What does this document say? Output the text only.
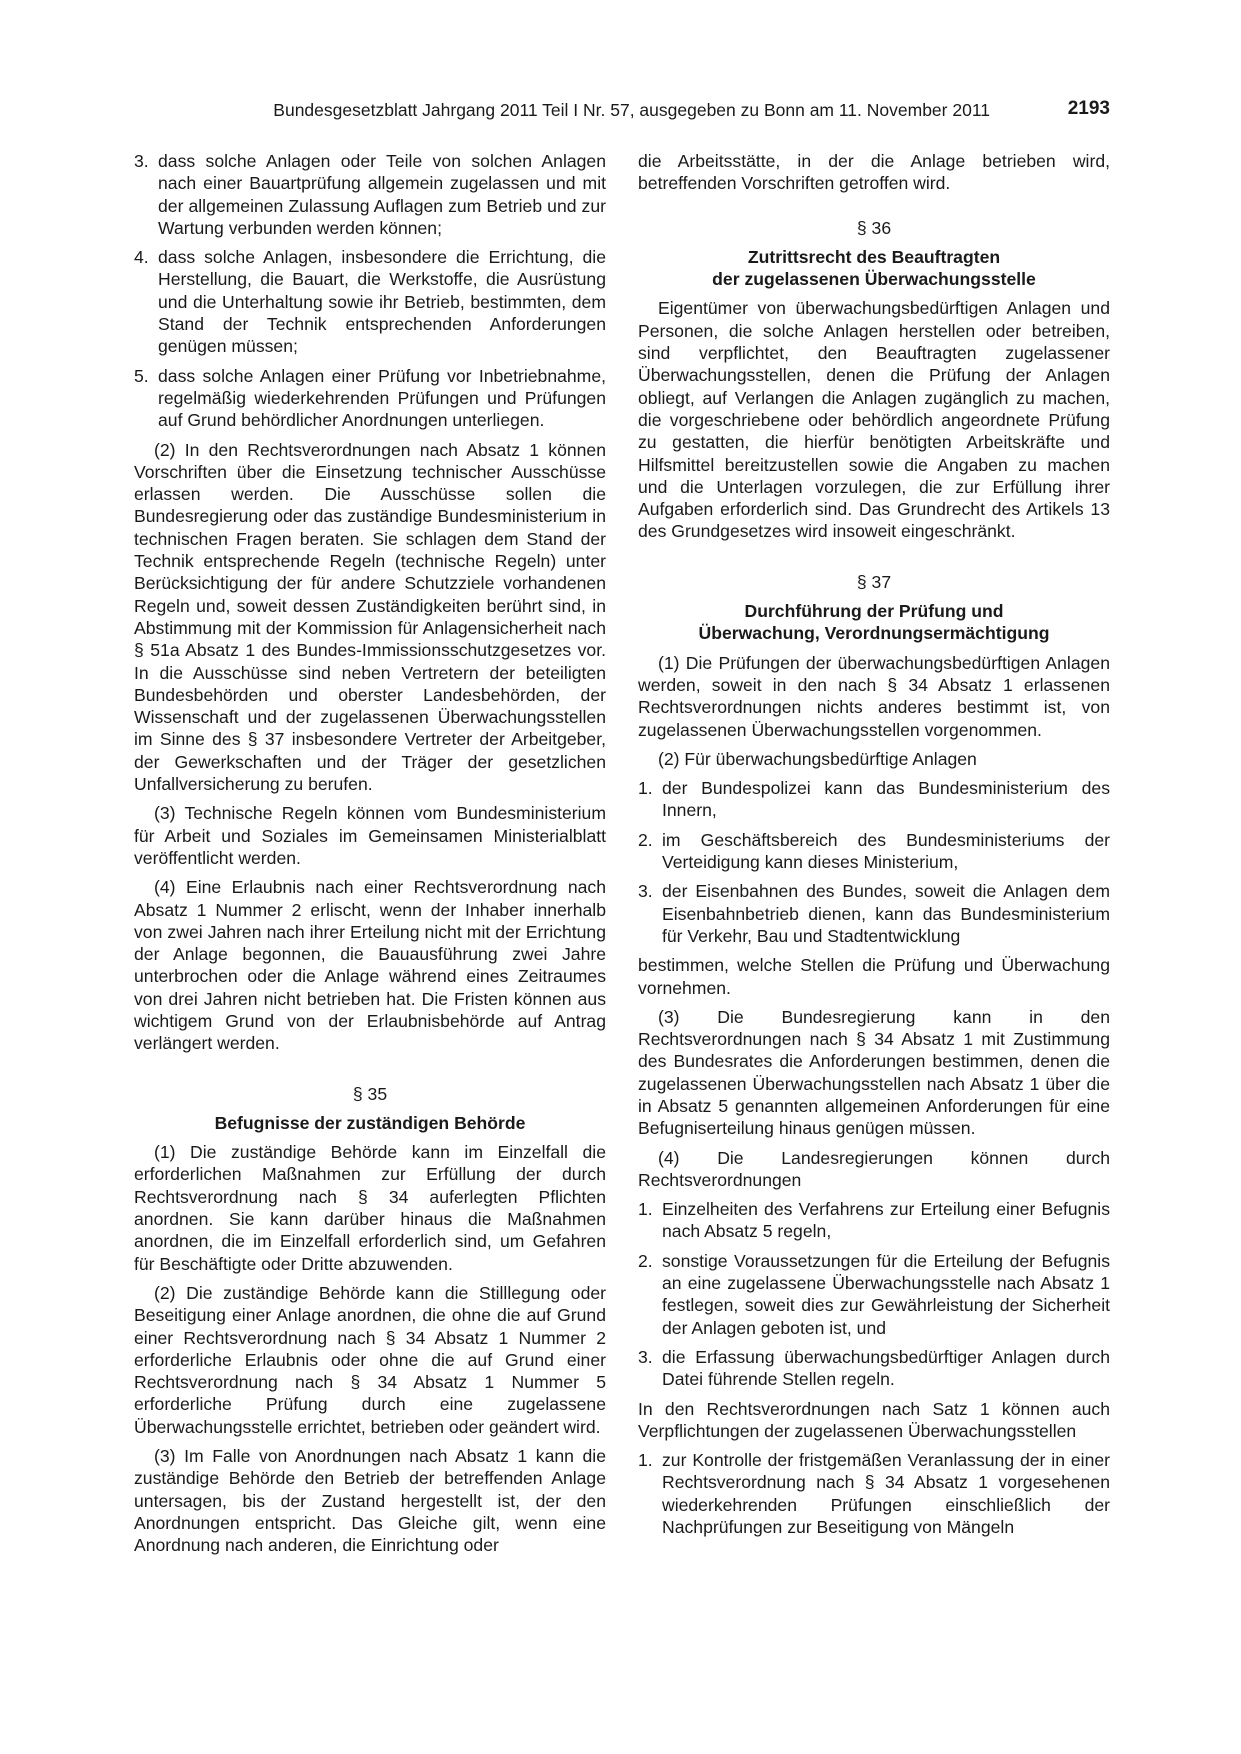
Bundesgesetzblatt Jahrgang 2011 Teil I Nr. 57, ausgegeben zu Bonn am 11. November 2011	2193
3. dass solche Anlagen oder Teile von solchen Anlagen nach einer Bauartprüfung allgemein zugelassen und mit der allgemeinen Zulassung Auflagen zum Betrieb und zur Wartung verbunden werden können;
4. dass solche Anlagen, insbesondere die Errichtung, die Herstellung, die Bauart, die Werkstoffe, die Ausrüstung und die Unterhaltung sowie ihr Betrieb, bestimmten, dem Stand der Technik entsprechenden Anforderungen genügen müssen;
5. dass solche Anlagen einer Prüfung vor Inbetriebnahme, regelmäßig wiederkehrenden Prüfungen und Prüfungen auf Grund behördlicher Anordnungen unterliegen.

(2) In den Rechtsverordnungen nach Absatz 1 können Vorschriften über die Einsetzung technischer Ausschüsse erlassen werden. Die Ausschüsse sollen die Bundesregierung oder das zuständige Bundesministerium in technischen Fragen beraten. Sie schlagen dem Stand der Technik entsprechende Regeln (technische Regeln) unter Berücksichtigung der für andere Schutzziele vorhandenen Regeln und, soweit dessen Zuständigkeiten berührt sind, in Abstimmung mit der Kommission für Anlagensicherheit nach § 51a Absatz 1 des Bundes-Immissionsschutzgesetzes vor. In die Ausschüsse sind neben Vertretern der beteiligten Bundesbehörden und oberster Landesbehörden, der Wissenschaft und der zugelassenen Überwachungsstellen im Sinne des § 37 insbesondere Vertreter der Arbeitgeber, der Gewerkschaften und der Träger der gesetzlichen Unfallversicherung zu berufen.

(3) Technische Regeln können vom Bundesministerium für Arbeit und Soziales im Gemeinsamen Ministerialblatt veröffentlicht werden.

(4) Eine Erlaubnis nach einer Rechtsverordnung nach Absatz 1 Nummer 2 erlischt, wenn der Inhaber innerhalb von zwei Jahren nach ihrer Erteilung nicht mit der Errichtung der Anlage begonnen, die Bauausführung zwei Jahre unterbrochen oder die Anlage während eines Zeitraumes von drei Jahren nicht betrieben hat. Die Fristen können aus wichtigem Grund von der Erlaubnisbehörde auf Antrag verlängert werden.

§ 35
Befugnisse der zuständigen Behörde

(1) Die zuständige Behörde kann im Einzelfall die erforderlichen Maßnahmen zur Erfüllung der durch Rechtsverordnung nach § 34 auferlegten Pflichten anordnen. Sie kann darüber hinaus die Maßnahmen anordnen, die im Einzelfall erforderlich sind, um Gefahren für Beschäftigte oder Dritte abzuwenden.

(2) Die zuständige Behörde kann die Stilllegung oder Beseitigung einer Anlage anordnen, die ohne die auf Grund einer Rechtsverordnung nach § 34 Absatz 1 Nummer 2 erforderliche Erlaubnis oder ohne die auf Grund einer Rechtsverordnung nach § 34 Absatz 1 Nummer 5 erforderliche Prüfung durch eine zugelassene Überwachungsstelle errichtet, betrieben oder geändert wird.

(3) Im Falle von Anordnungen nach Absatz 1 kann die zuständige Behörde den Betrieb der betreffenden Anlage untersagen, bis der Zustand hergestellt ist, der den Anordnungen entspricht. Das Gleiche gilt, wenn eine Anordnung nach anderen, die Einrichtung oder

die Arbeitsstätte, in der die Anlage betrieben wird, betreffenden Vorschriften getroffen wird.

§ 36
Zutrittsrecht des Beauftragten
der zugelassenen Überwachungsstelle

Eigentümer von überwachungsbedürftigen Anlagen und Personen, die solche Anlagen herstellen oder betreiben, sind verpflichtet, den Beauftragten zugelassener Überwachungsstellen, denen die Prüfung der Anlagen obliegt, auf Verlangen die Anlagen zugänglich zu machen, die vorgeschriebene oder behördlich angeordnete Prüfung zu gestatten, die hierfür benötigten Arbeitskräfte und Hilfsmittel bereitzustellen sowie die Angaben zu machen und die Unterlagen vorzulegen, die zur Erfüllung ihrer Aufgaben erforderlich sind. Das Grundrecht des Artikels 13 des Grundgesetzes wird insoweit eingeschränkt.

§ 37
Durchführung der Prüfung und
Überwachung, Verordnungsermächtigung

(1) Die Prüfungen der überwachungsbedürftigen Anlagen werden, soweit in den nach § 34 Absatz 1 erlassenen Rechtsverordnungen nichts anderes bestimmt ist, von zugelassenen Überwachungsstellen vorgenommen.

(2) Für überwachungsbedürftige Anlagen

1. der Bundespolizei kann das Bundesministerium des Innern,
2. im Geschäftsbereich des Bundesministeriums der Verteidigung kann dieses Ministerium,
3. der Eisenbahnen des Bundes, soweit die Anlagen dem Eisenbahnbetrieb dienen, kann das Bundesministerium für Verkehr, Bau und Stadtentwicklung

bestimmen, welche Stellen die Prüfung und Überwachung vornehmen.

(3) Die Bundesregierung kann in den Rechtsverordnungen nach § 34 Absatz 1 mit Zustimmung des Bundesrates die Anforderungen bestimmen, denen die zugelassenen Überwachungsstellen nach Absatz 1 über die in Absatz 5 genannten allgemeinen Anforderungen für eine Befugniserteilung hinaus genügen müssen.

(4) Die Landesregierungen können durch Rechtsverordnungen

1. Einzelheiten des Verfahrens zur Erteilung einer Befugnis nach Absatz 5 regeln,
2. sonstige Voraussetzungen für die Erteilung der Befugnis an eine zugelassene Überwachungsstelle nach Absatz 1 festlegen, soweit dies zur Gewährleistung der Sicherheit der Anlagen geboten ist, und
3. die Erfassung überwachungsbedürftiger Anlagen durch Datei führende Stellen regeln.

In den Rechtsverordnungen nach Satz 1 können auch Verpflichtungen der zugelassenen Überwachungsstellen

1. zur Kontrolle der fristgemäßen Veranlassung der in einer Rechtsverordnung nach § 34 Absatz 1 vorgesehenen wiederkehrenden Prüfungen einschließlich der Nachprüfungen zur Beseitigung von Mängeln
